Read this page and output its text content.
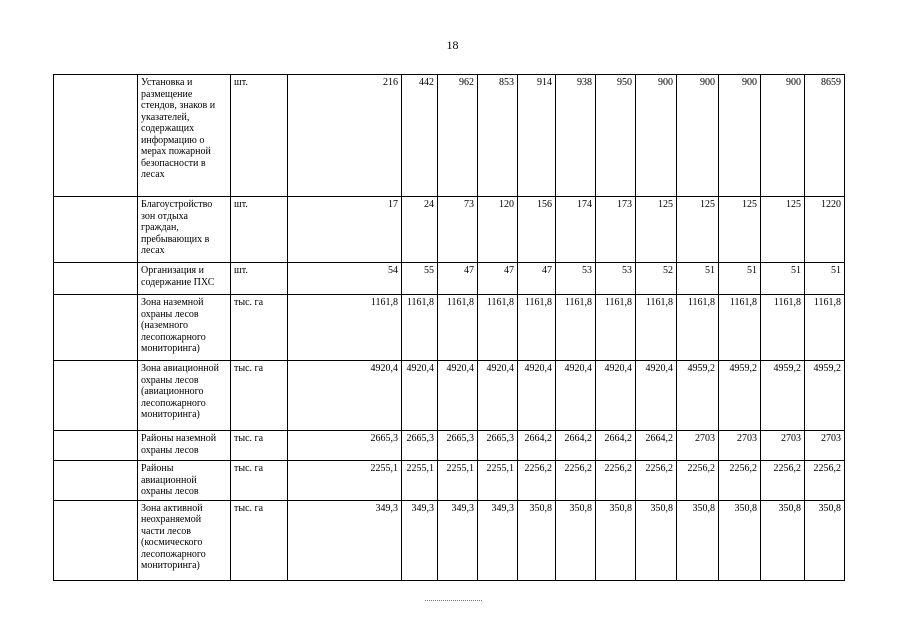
18
	Установка и размещение стендов, знаков и указателей, содержащих информацию о мерах пожарной безопасности в лесах	шт.	216	442	962	853	914	938	950	900	900	900	900	8659
	Благоустройство зон отдыха граждан, пребывающих в лесах	шт.	17	24	73	120	156	174	173	125	125	125	125	1220
	Организация и содержание ПХС	шт.	54	55	47	47	47	53	53	52	51	51	51	51
	Зона наземной охраны лесов (наземного лесопожарного мониторинга)	тыс. га	1161,8	1161,8	1161,8	1161,8	1161,8	1161,8	1161,8	1161,8	1161,8	1161,8	1161,8	1161,8
	Зона авиационной охраны лесов (авиационного лесопожарного мониторинга)	тыс. га	4920,4	4920,4	4920,4	4920,4	4920,4	4920,4	4920,4	4920,4	4959,2	4959,2	4959,2	4959,2
	Районы наземной охраны лесов	тыс. га	2665,3	2665,3	2665,3	2665,3	2664,2	2664,2	2664,2	2664,2	2703	2703	2703	2703
	Районы авиационной охраны лесов	тыс. га	2255,1	2255,1	2255,1	2255,1	2256,2	2256,2	2256,2	2256,2	2256,2	2256,2	2256,2	2256,2
	Зона активной неохраняемой части лесов (космического лесопожарного мониторинга)	тыс. га	349,3	349,3	349,3	349,3	350,8	350,8	350,8	350,8	350,8	350,8	350,8	350,8
